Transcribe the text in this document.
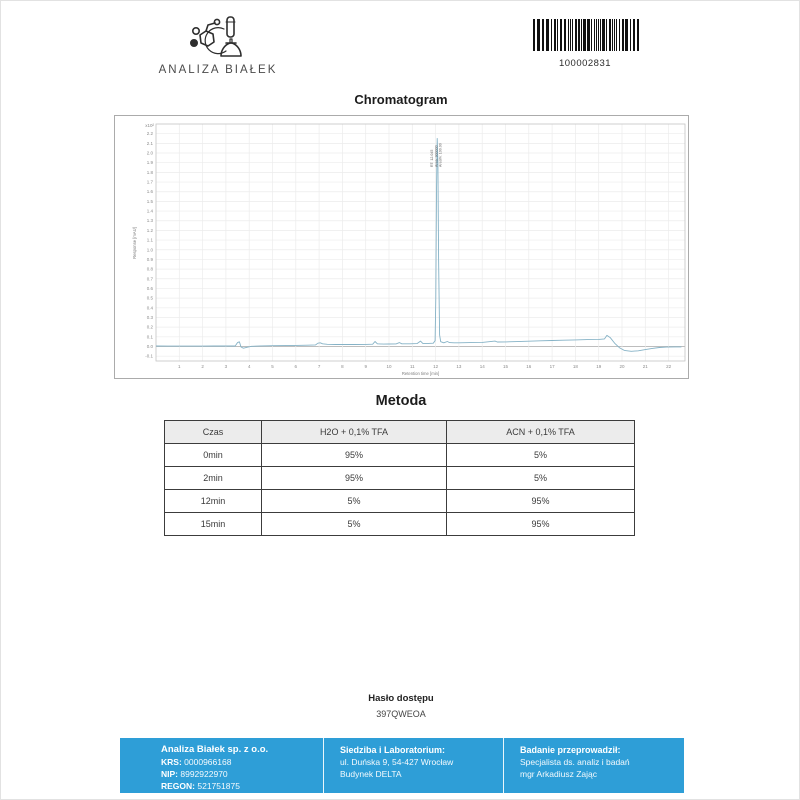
ANALIZA BIAŁEK
100002831
Chromatogram
2.2
2.1
2.0
1.9
1.8
1.7
1.6
1.5
1.4
1.3
1.2
1.1
1.0
0.9
0.8
0.7
0.6
0.5
0.4
0.3
0.2
0.1
0.0
-0.1
x10²
1	2	3	4	5	6	7	8	9	10	11	12	13	14	15	16	17	18	19	20	21	22
Retention time [min]
Response [mAU]
RT: 12.045 Area: 900000 Area%: 100.00
Metoda
Czas	H2O + 0,1% TFA	ACN + 0,1% TFA
0min	95%	5%
2min	95%	5%
12min	5%	95%
15min	5%	95%
Hasło dostępu
397QWEOA
Analiza Białek sp. z o.o.
KRS: 0000966168
NIP: 8992922970
REGON: 521751875
Siedziba i Laboratorium:
ul. Duńska 9, 54-427 Wrocław
Budynek DELTA
Badanie przeprowadził:
Specjalista ds. analiz i badań
mgr Arkadiusz Zając
